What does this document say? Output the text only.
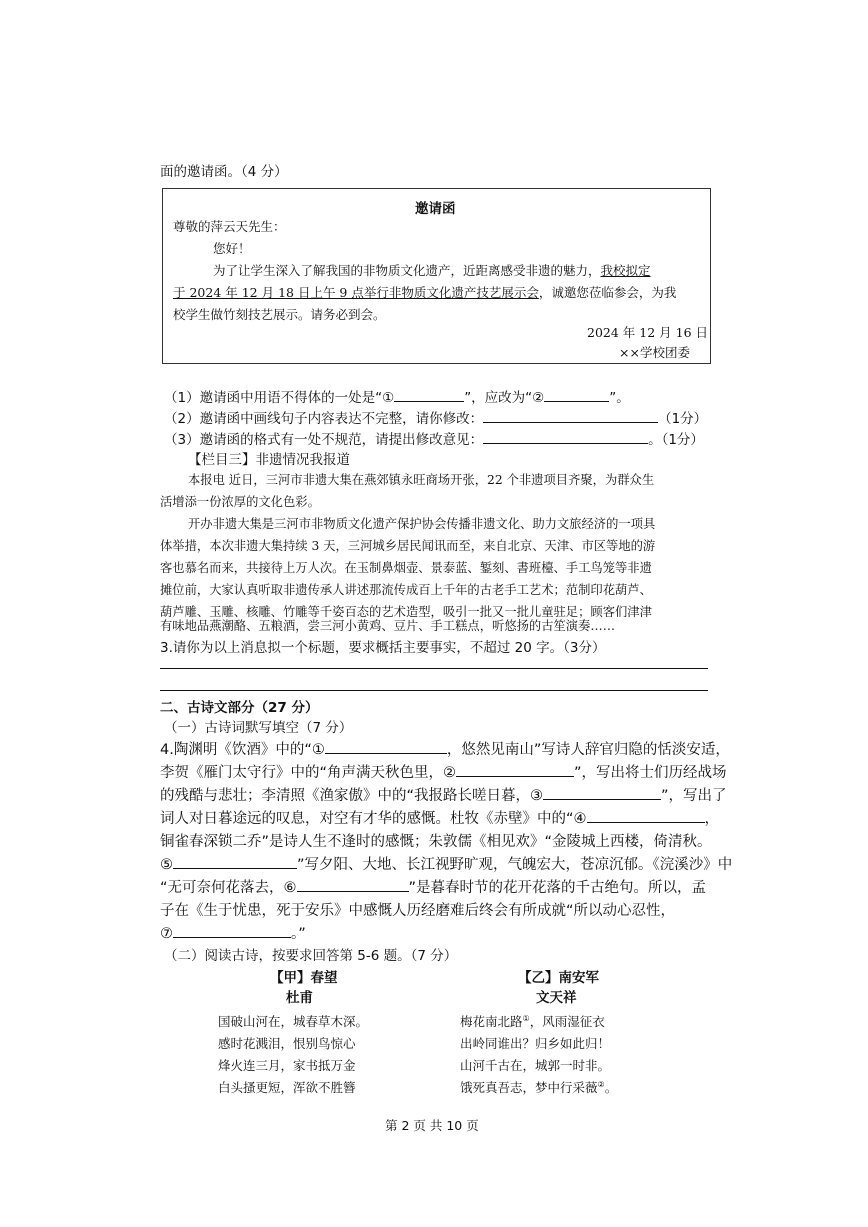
面的邀请函。（4 分）
邀请函
尊敬的萍云天先生：
您好！
为了让学生深入了解我国的非物质文化遗产，近距离感受非遗的魅力，我校拟定
于 2024 年 12 月 18 日上午 9 点举行非物质文化遗产技艺展示会，诚邀您莅临参会，为我
校学生做竹刻技艺展示。请务必到会。
2024 年 12 月 16 日
××学校团委
（1）邀请函中用语不得体的一处是“①	”，应改为“②	”。
（2）邀请函中画线句子内容表达不完整，请你修改：	（1分）
（3）邀请函的格式有一处不规范，请提出修改意见：	。（1分）
【栏目三】非遗情况我报道
本报电 近日，三河市非遗大集在燕郊镇永旺商场开张，22 个非遗项目齐聚，为群众生
活增添一份浓厚的文化色彩。
开办非遗大集是三河市非物质文化遗产保护协会传播非遗文化、助力文旅经济的一项具
体举措，本次非遗大集持续 3 天，三河城乡居民闻讯而至，来自北京、天津、市区等地的游
客也慕名而来，共接待上万人次。在玉制鼻烟壶、景泰蓝、錾刻、書班檯、手工鸟笼等非遗
摊位前，大家认真听取非遗传承人讲述那流传成百上千年的古老手工艺术；范制印花葫芦、
葫芦雕、玉雕、核雕、竹雕等千姿百态的艺术造型，吸引一批又一批儿童驻足；顾客们津津
有味地品燕潮酪、五粮酒，尝三河小黄鸡、豆片、手工糕点，听悠扬的古笙演奏……
3.请你为以上消息拟一个标题，要求概括主要事实，不超过 20 字。（3分）
二、古诗文部分（27 分）
（一）古诗词默写填空（7 分）
4.陶渊明《饮酒》中的“①	，悠然见南山”写诗人辞官归隐的恬淡安适，
李贺《雁门太守行》中的“角声满天秋色里，②	”，写出将士们历经战场
的残酷与悲壮；李清照《渔家傲》中的“我报路长嗟日暮，③	”，写出了
词人对日暮途远的叹息，对空有才华的感慨。杜牧《赤壁》中的“④	，
铜雀春深锁二乔”是诗人生不逢时的感慨；朱敦儒《相见欢》“金陵城上西楼，倚清秋。
⑤	”写夕阳、大地、长江视野旷观，气魄宏大，苍凉沉郁。《浣溪沙》中
“无可奈何花落去，⑥	”是暮春时节的花开花落的千古绝句。所以，孟
子在《生于忧患，死于安乐》中感慨人历经磨难后终会有所成就“所以动心忍性，
⑦	。”
（二）阅读古诗，按要求回答第 5-6 题。（7 分）
【甲】春望
杜甫
国破山河在，城春草木深。
感时花溅泪，恨别鸟惊心
烽火连三月，家书抵万金
白头搔更短，浑欲不胜簪
【乙】南安军
文天祥
梅花南北路①，风雨湿征衣
出岭同谁出？归乡如此归！
山河千古在，城郭一时非。
饿死真吾志，梦中行采薇②。
第 2 页 共 10 页
